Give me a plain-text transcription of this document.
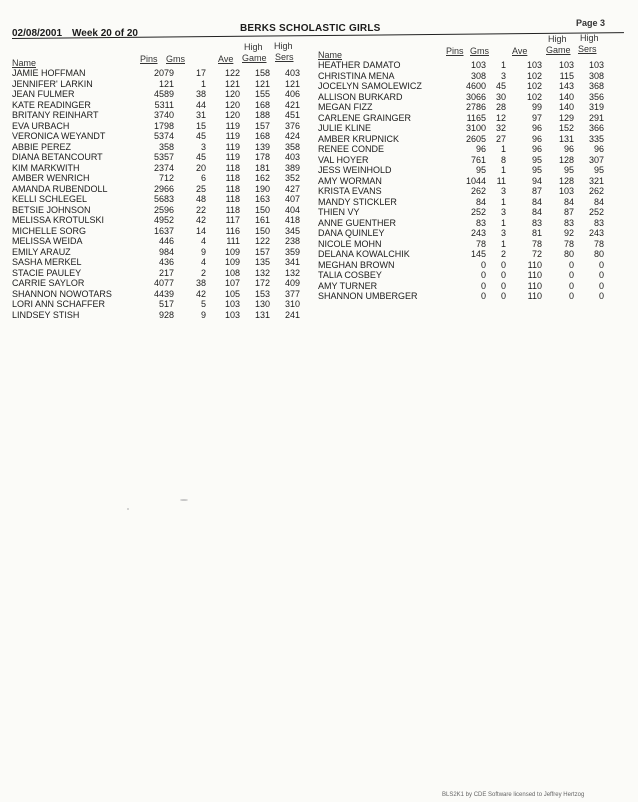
02/08/2001 Week 20 of 20	BERKS SCHOLASTIC GIRLS	Page 3
Name	Pins Gms	Ave
High
Game
High
Sers
JAMIE HOFFMAN	2079	17	122	158	403
JENNIFER' LARKIN	121	1	121	121	121
JEAN FULMER	4589	38	120	155	406
KATE READINGER	5311	44	120	168	421
BRITANY REINHART	3740	31	120	188	451
EVA URBACH	1798	15	119	157	376
VERONICA WEYANDT	5374	45	119	168	424
ABBIE PEREZ	358	3	119	139	358
DIANA BETANCOURT	5357	45	119	178	403
KIM MARKWITH	2374	20	118	181	389
AMBER WENRICH	712	6	118	162	352
AMANDA RUBENDOLL	2966	25	118	190	427
KELLI SCHLEGEL	5683	48	118	163	407
BETSIE JOHNSON	2596	22	118	150	404
MELISSA KROTULSKI	4952	42	117	161	418
MICHELLE SORG	1637	14	116	150	345
MELISSA WEIDA	446	4	111	122	238
EMILY ARAUZ	984	9	109	157	359
SASHA MERKEL	436	4	109	135	341
STACIE PAULEY	217	2	108	132	132
CARRIE SAYLOR	4077	38	107	172	409
SHANNON NOWOTARS	4439	42	105	153	377
LORI ANN SCHAFFER	517	5	103	130	310
LINDSEY STISH	928	9	103	131	241
Name	Pins Gms	Ave
High
Game
High
Sers
HEATHER DAMATO	103	1	103	103	103
CHRISTINA MENA	308	3	102	115	308
JOCELYN SAMOLEWICZ	4600	45	102	143	368
ALLISON BURKARD	3066	30	102	140	356
MEGAN FIZZ	2786	28	99	140	319
CARLENE GRAINGER	1165	12	97	129	291
JULIE KLINE	3100	32	96	152	366
AMBER KRUPNICK	2605	27	96	131	335
RENEE CONDE	96	1	96	96	96
VAL HOYER	761	8	95	128	307
JESS WEINHOLD	95	1	95	95	95
AMY WORMAN	1044	11	94	128	321
KRISTA EVANS	262	3	87	103	262
MANDY STICKLER	84	1	84	84	84
THIEN VY	252	3	84	87	252
ANNE GUENTHER	83	1	83	83	83
DANA QUINLEY	243	3	81	92	243
NICOLE MOHN	78	1	78	78	78
DELANA KOWALCHIK	145	2	72	80	80
MEGHAN BROWN	0	0	110	0	0
TALIA COSBEY	0	0	110	0	0
AMY TURNER	0	0	110	0	0
SHANNON UMBERGER	0	0	110	0	0
BLS2K1 by CDE Software licensed to Jeffrey Hertzog
